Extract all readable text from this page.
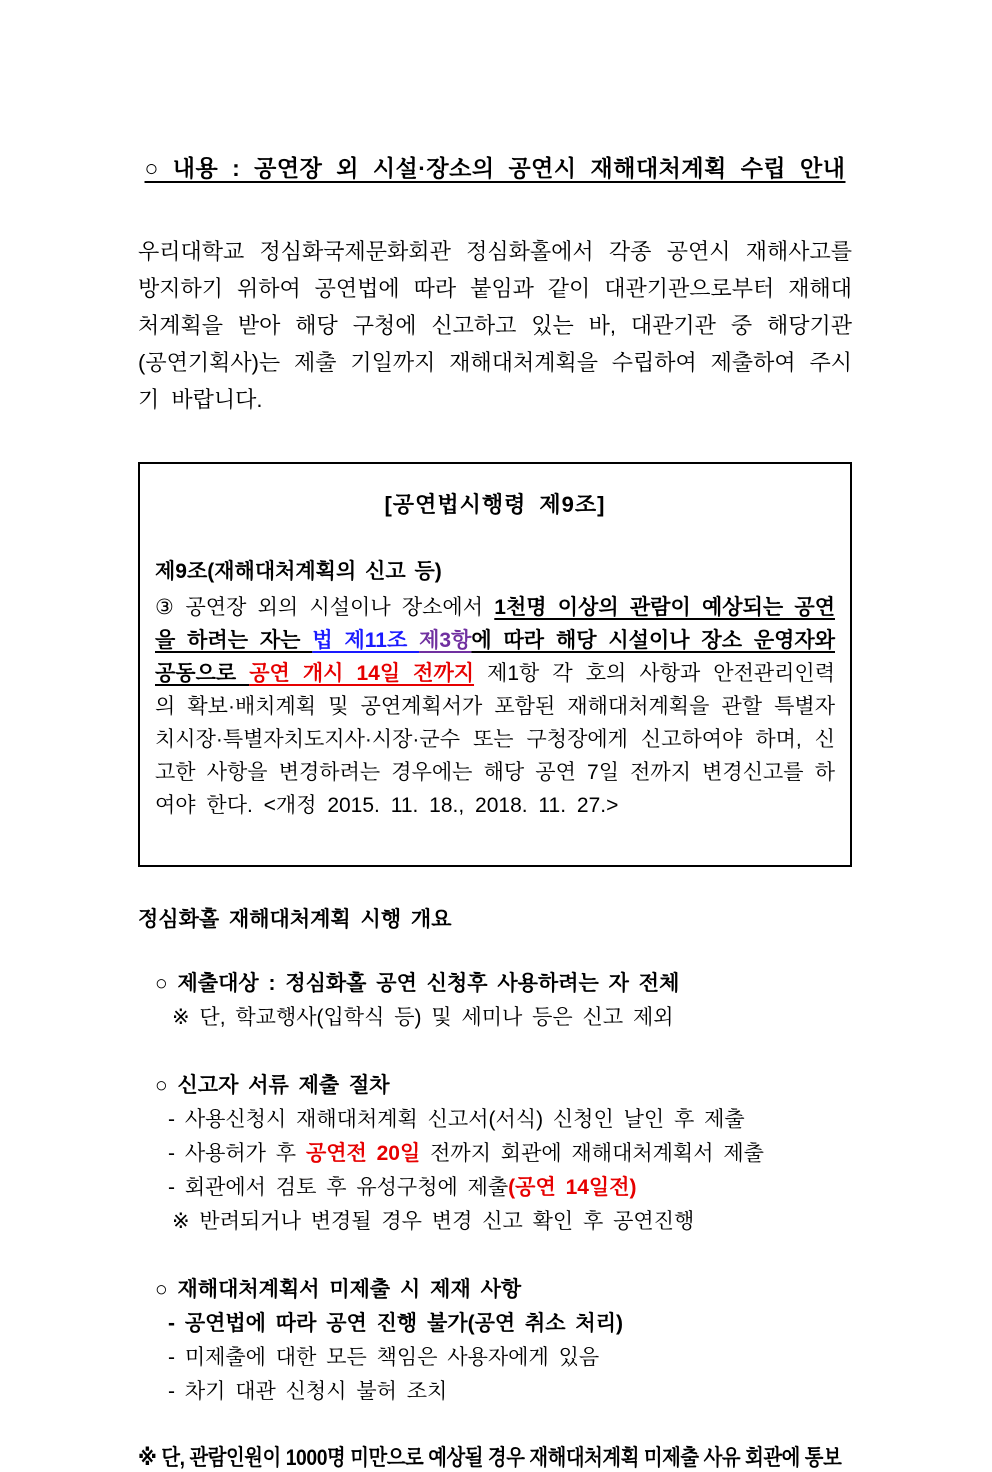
○ 내용 : 공연장 외 시설·장소의 공연시 재해대처계획 수립 안내

우리대학교 정심화국제문화회관 정심화홀에서 각종 공연시 재해사고를 방지하기 위하여 공연법에 따라 붙임과 같이 대관기관으로부터 재해대처계획을 받아 해당 구청에 신고하고 있는 바, 대관기관 중 해당기관(공연기획사)는 제출 기일까지 재해대처계획을 수립하여 제출하여 주시기 바랍니다.

[공연법시행령 제9조]
제9조(재해대처계획의 신고 등)

③ 공연장 외의 시설이나 장소에서 1천명 이상의 관람이 예상되는 공연을 하려는 자는 법 제11조 제3항에 따라 해당 시설이나 장소 운영자와 공동으로 공연 개시 14일 전까지 제1항 각 호의 사항과 안전관리인력의 확보·배치계획 및 공연계획서가 포함된 재해대처계획을 관할 특별자치시장·특별자치도지사·시장·군수 또는 구청장에게 신고하여야 하며, 신고한 사항을 변경하려는 경우에는 해당 공연 7일 전까지 변경신고를 하여야 한다. <개정 2015. 11. 18., 2018. 11. 27.>

정심화홀 재해대처계획 시행 개요
○ 제출대상 : 정심화홀 공연 신청후 사용하려는 자 전체
※ 단, 학교행사(입학식 등) 및 세미나 등은 신고 제외
○ 신고자 서류 제출 절차
- 사용신청시 재해대처계획 신고서(서식) 신청인 날인 후 제출
- 사용허가 후 공연전 20일 전까지 회관에 재해대처계획서 제출
- 회관에서 검토 후 유성구청에 제출(공연 14일전)
※ 반려되거나 변경될 경우 변경 신고 확인 후 공연진행
○ 재해대처계획서 미제출 시 제재 사항
- 공연법에 따라 공연 진행 불가(공연 취소 처리)
- 미제출에 대한 모든 책임은 사용자에게 있음
- 차기 대관 신청시 불허 조치
※ 단, 관람인원이 1000명 미만으로 예상될 경우 재해대처계획 미제출 사유 회관에 통보
